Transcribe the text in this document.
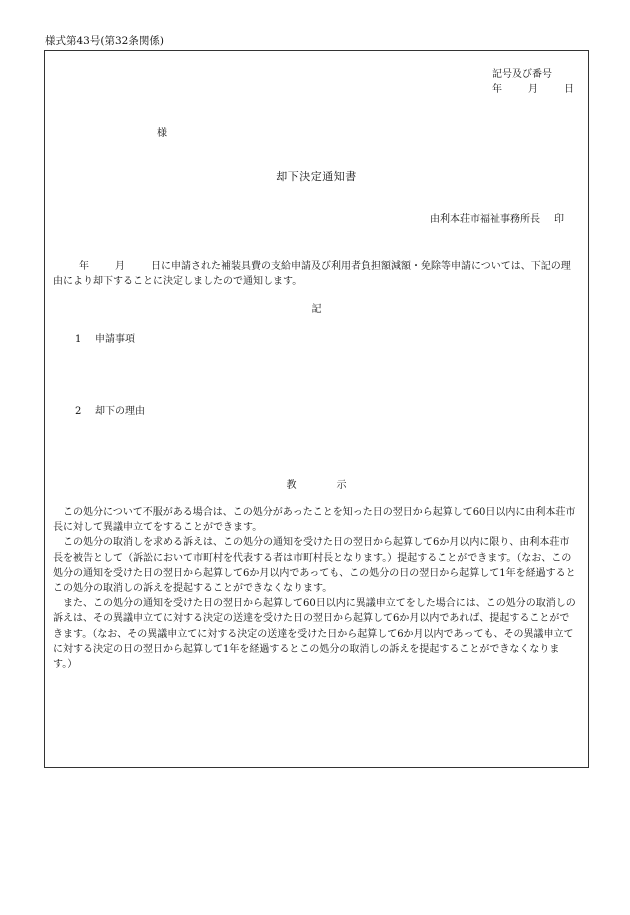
様式第43号(第32条関係)
記号及び番号
年	月	日
様
却下決定通知書
由利本荘市福祉事務所長 印
年	月	日に申請された補装具費の支給申請及び利用者負担額減額・免除等申請については、下記の理由により却下することに決定しましたので通知します。
記
1 申請事項
2 却下の理由
教示

この処分について不服がある場合は、この処分があったことを知った日の翌日から起算して60日以内に由利本荘市長に対して異議申立てをすることができます。

この処分の取消しを求める訴えは、この処分の通知を受けた日の翌日から起算して6か月以内に限り、由利本荘市長を被告として（訴訟において市町村を代表する者は市町村長となります。）提起することができます。（なお、この処分の通知を受けた日の翌日から起算して6か月以内であっても、この処分の日の翌日から起算して1年を経過するとこの処分の取消しの訴えを提起することができなくなります。

また、この処分の通知を受けた日の翌日から起算して60日以内に異議申立てをした場合には、この処分の取消しの訴えは、その異議申立てに対する決定の送達を受けた日の翌日から起算して6か月以内であれば、提起することができます。（なお、その異議申立てに対する決定の送達を受けた日から起算して6か月以内であっても、その異議申立てに対する決定の日の翌日から起算して1年を経過するとこの処分の取消しの訴えを提起することができなくなります。）
